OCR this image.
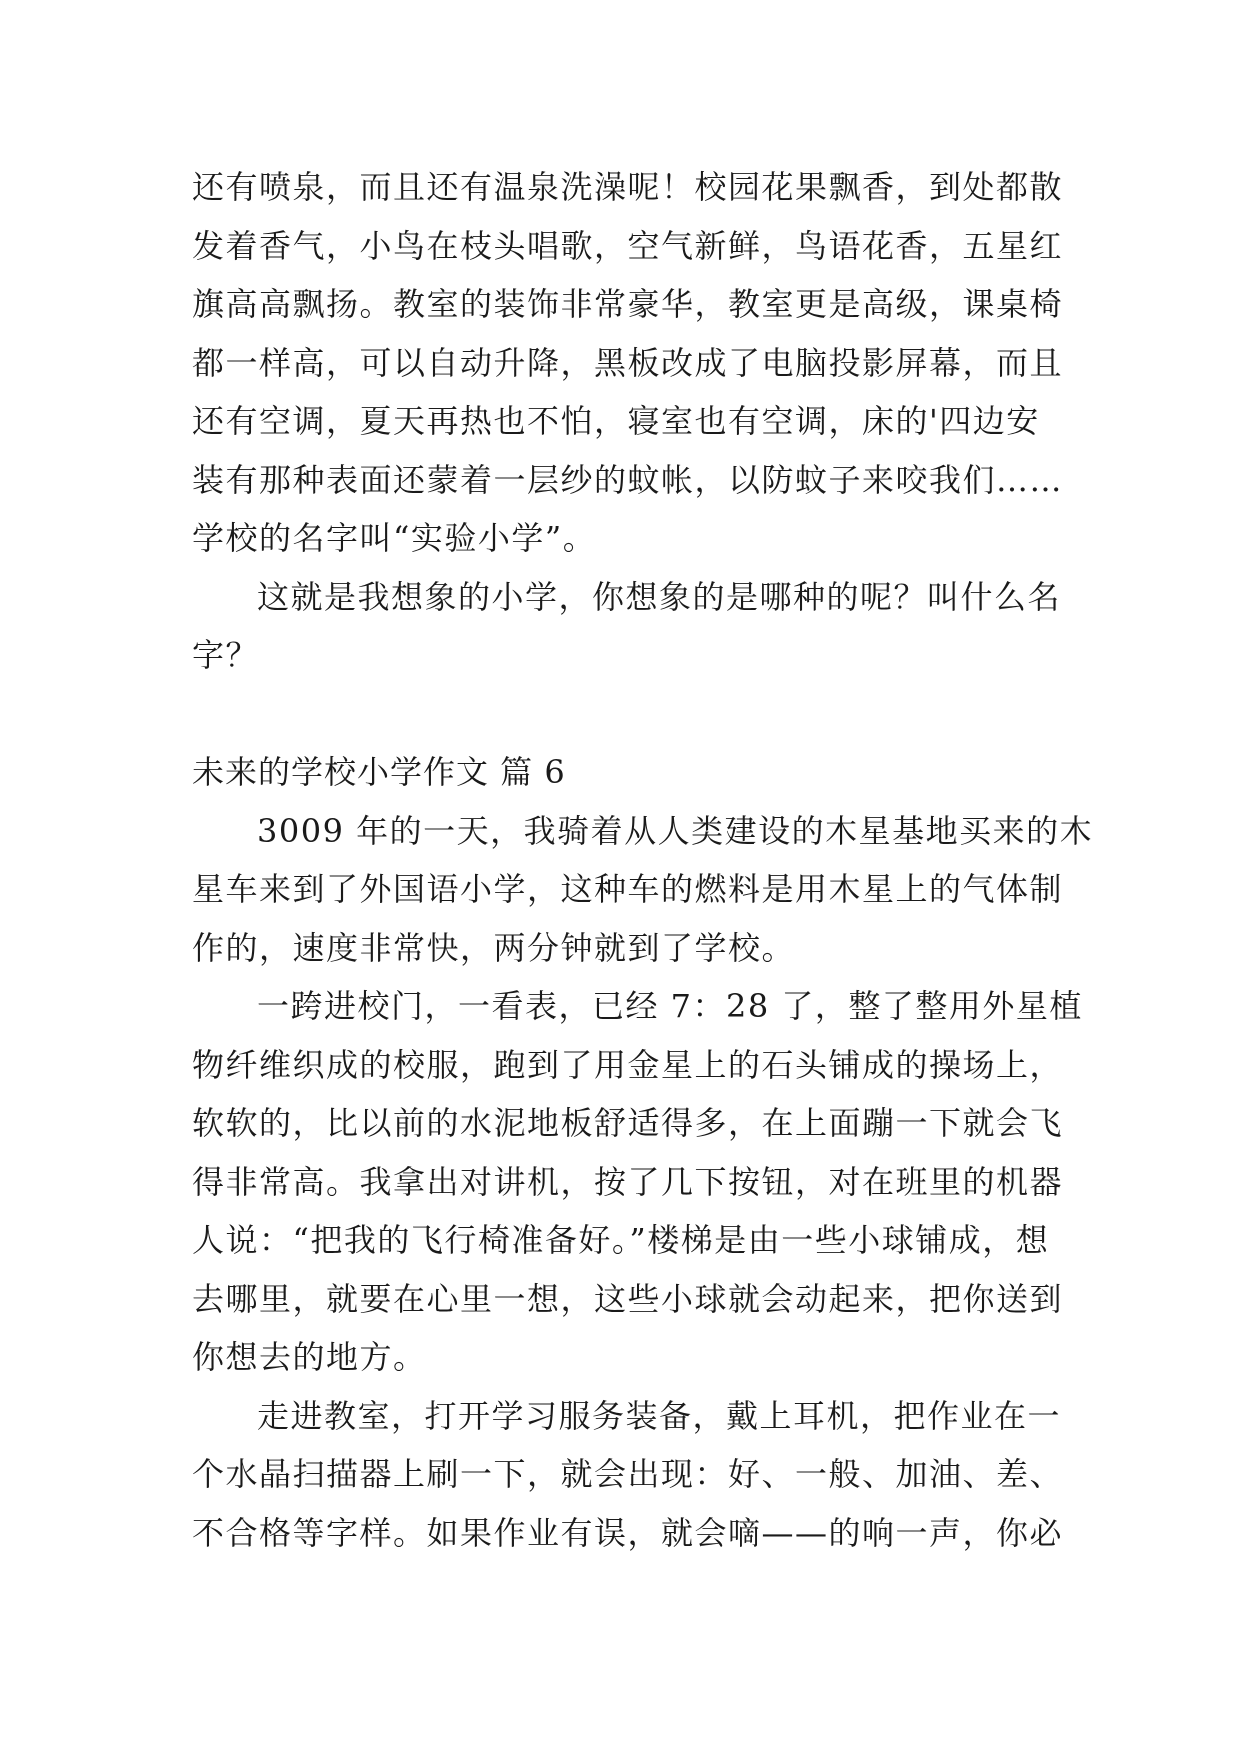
还有喷泉，而且还有温泉洗澡呢！校园花果飘香，到处都散
发着香气，小鸟在枝头唱歌，空气新鲜，鸟语花香，五星红
旗高高飘扬。教室的装饰非常豪华，教室更是高级，课桌椅
都一样高，可以自动升降，黑板改成了电脑投影屏幕，而且
还有空调，夏天再热也不怕，寝室也有空调，床的'四边安
装有那种表面还蒙着一层纱的蚊帐，以防蚊子来咬我们……
学校的名字叫“实验小学”。
这就是我想象的小学，你想象的是哪种的呢？叫什么名
字？
未来的学校小学作文 篇 6
3009 年的一天，我骑着从人类建设的木星基地买来的木
星车来到了外国语小学，这种车的燃料是用木星上的气体制
作的，速度非常快，两分钟就到了学校。
一跨进校门，一看表，已经 7：28 了，整了整用外星植
物纤维织成的校服，跑到了用金星上的石头铺成的操场上，
软软的，比以前的水泥地板舒适得多，在上面蹦一下就会飞
得非常高。我拿出对讲机，按了几下按钮，对在班里的机器
人说：“把我的飞行椅准备好。”楼梯是由一些小球铺成，想
去哪里，就要在心里一想，这些小球就会动起来，把你送到
你想去的地方。
走进教室，打开学习服务装备，戴上耳机，把作业在一
个水晶扫描器上刷一下，就会出现：好、一般、加油、差、
不合格等字样。如果作业有误，就会嘀——的响一声，你必
